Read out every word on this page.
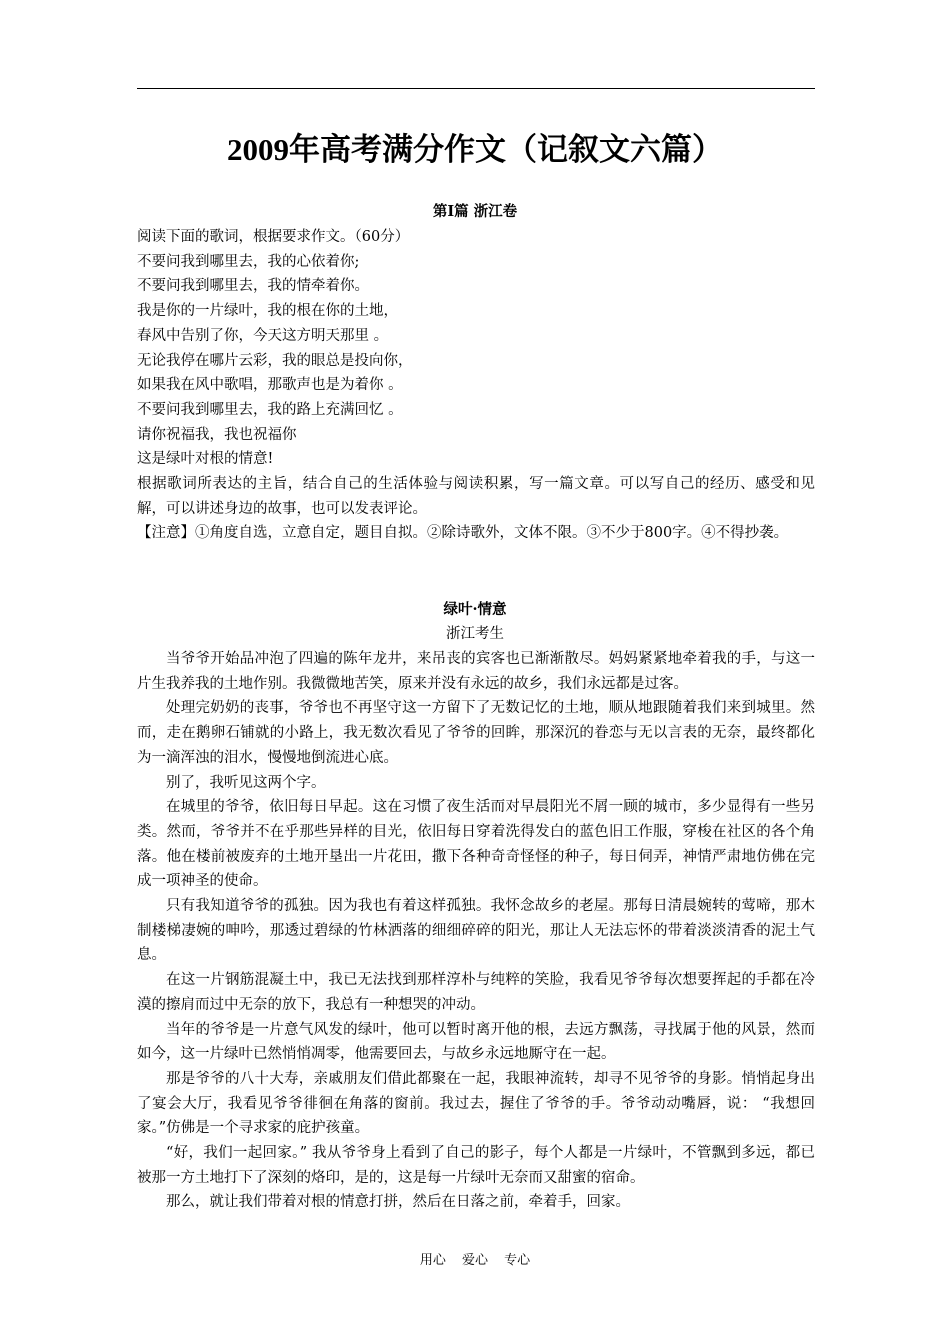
2009年高考满分作文（记叙文六篇）
第Ⅰ篇 浙江卷

阅读下面的歌词，根据要求作文。（60分）

不要问我到哪里去，我的心依着你;

不要问我到哪里去，我的情牵着你。

我是你的一片绿叶，我的根在你的土地，

春风中告别了你，今天这方明天那里 。

无论我停在哪片云彩，我的眼总是投向你，

如果我在风中歌唱，那歌声也是为着你 。

不要问我到哪里去，我的路上充满回忆 。

请你祝福我，我也祝福你

这是绿叶对根的情意!

根据歌词所表达的主旨，结合自己的生活体验与阅读积累，写一篇文章。可以写自己的经历、感受和见解，可以讲述身边的故事，也可以发表评论。

【注意】①角度自选，立意自定，题目自拟。②除诗歌外，文体不限。③不少于800字。④不得抄袭。

绿叶·情意
浙江考生

当爷爷开始品冲泡了四遍的陈年龙井，来吊丧的宾客也已渐渐散尽。妈妈紧紧地牵着我的手，与这一片生我养我的土地作别。我微微地苦笑，原来并没有永远的故乡，我们永远都是过客。

处理完奶奶的丧事，爷爷也不再坚守这一方留下了无数记忆的土地，顺从地跟随着我们来到城里。然而，走在鹅卵石铺就的小路上，我无数次看见了爷爷的回眸，那深沉的眷恋与无以言表的无奈，最终都化为一滴浑浊的泪水，慢慢地倒流进心底。

别了，我听见这两个字。

在城里的爷爷，依旧每日早起。这在习惯了夜生活而对早晨阳光不屑一顾的城市，多少显得有一些另类。然而，爷爷并不在乎那些异样的目光，依旧每日穿着洗得发白的蓝色旧工作服，穿梭在社区的各个角落。他在楼前被废弃的土地开垦出一片花田，撒下各种奇奇怪怪的种子，每日伺弄，神情严肃地仿佛在完成一项神圣的使命。

只有我知道爷爷的孤独。因为我也有着这样孤独。我怀念故乡的老屋。那每日清晨婉转的莺啼，那木制楼梯凄婉的呻吟，那透过碧绿的竹林洒落的细细碎碎的阳光，那让人无法忘怀的带着淡淡清香的泥土气息。

在这一片钢筋混凝土中，我已无法找到那样淳朴与纯粹的笑脸，我看见爷爷每次想要挥起的手都在冷漠的擦肩而过中无奈的放下，我总有一种想哭的冲动。

当年的爷爷是一片意气风发的绿叶，他可以暂时离开他的根，去远方飘荡，寻找属于他的风景，然而如今，这一片绿叶已然悄悄凋零，他需要回去，与故乡永远地厮守在一起。

那是爷爷的八十大寿，亲戚朋友们借此都聚在一起，我眼神流转，却寻不见爷爷的身影。悄悄起身出了宴会大厅，我看见爷爷徘徊在角落的窗前。我过去，握住了爷爷的手。爷爷动动嘴唇，说： “我想回家。”仿佛是一个寻求家的庇护孩童。

“好，我们一起回家。” 我从爷爷身上看到了自己的影子，每个人都是一片绿叶，不管飘到多远，都已被那一方土地打下了深刻的烙印，是的，这是每一片绿叶无奈而又甜蜜的宿命。

那么，就让我们带着对根的情意打拼，然后在日落之前，牵着手，回家。

用心 爱心 专心
